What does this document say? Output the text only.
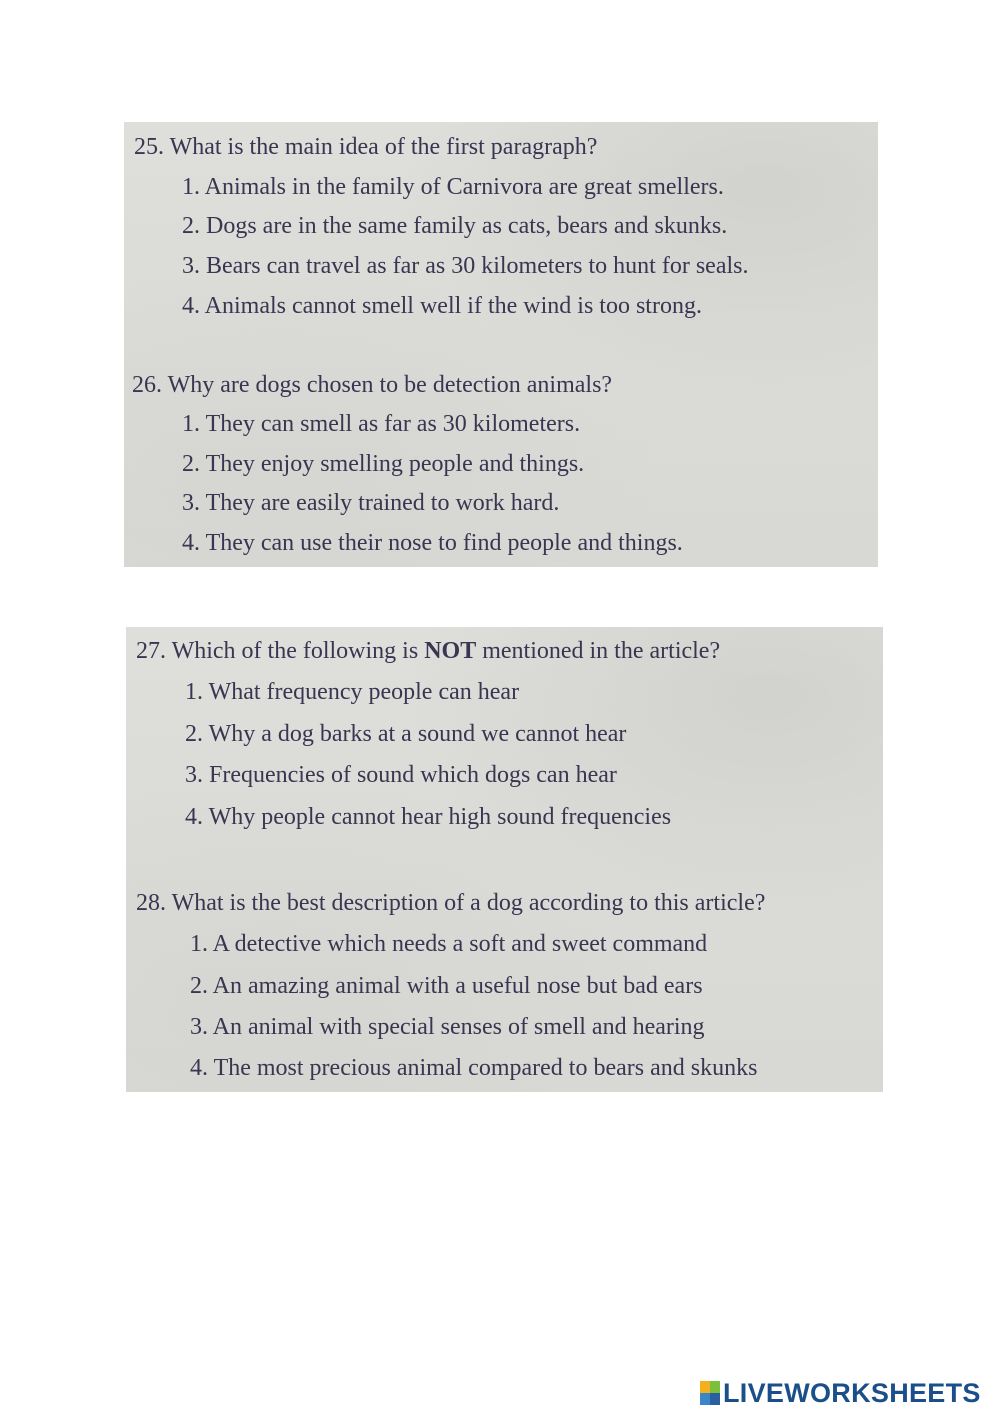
25. What is the main idea of the first paragraph?
1. Animals in the family of Carnivora are great smellers.
2. Dogs are in the same family as cats, bears and skunks.
3. Bears can travel as far as 30 kilometers to hunt for seals.
4. Animals cannot smell well if the wind is too strong.
26. Why are dogs chosen to be detection animals?
1. They can smell as far as 30 kilometers.
2. They enjoy smelling people and things.
3. They are easily trained to work hard.
4. They can use their nose to find people and things.
27. Which of the following is NOT mentioned in the article?
1. What frequency people can hear
2. Why a dog barks at a sound we cannot hear
3. Frequencies of sound which dogs can hear
4. Why people cannot hear high sound frequencies
28. What is the best description of a dog according to this article?
1. A detective which needs a soft and sweet command
2. An amazing animal with a useful nose but bad ears
3. An animal with special senses of smell and hearing
4. The most precious animal compared to bears and skunks
LIVEWORKSHEETS
